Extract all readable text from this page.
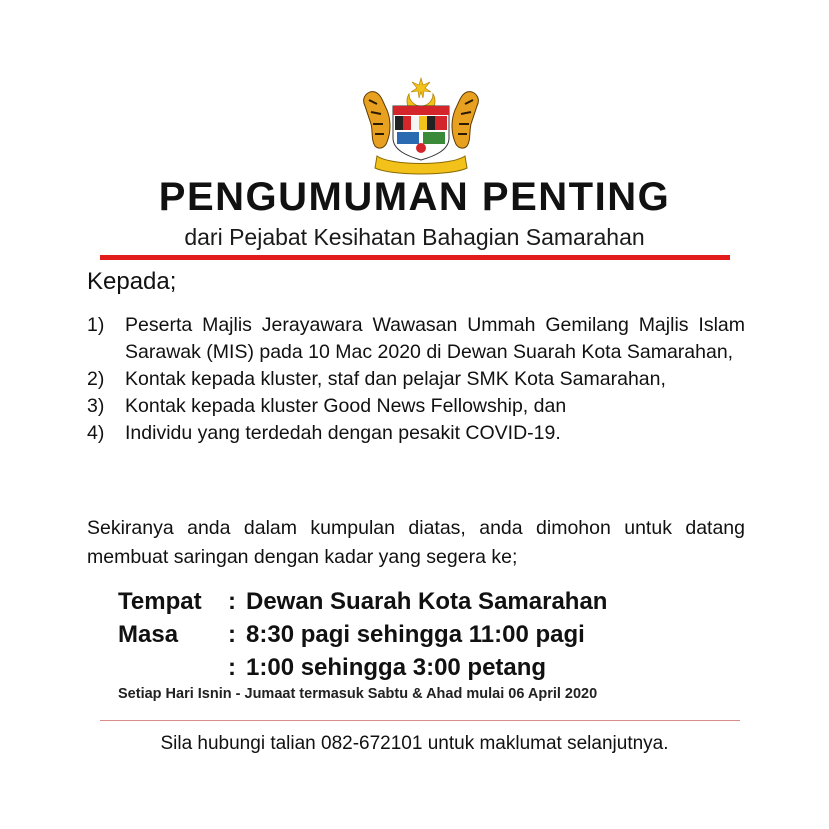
PENGUMUMAN PENTING
dari Pejabat Kesihatan Bahagian Samarahan
Kepada;
1)	Peserta Majlis Jerayawara Wawasan Ummah Gemilang Majlis Islam Sarawak (MIS) pada 10 Mac 2020 di Dewan Suarah Kota Samarahan,
2)	Kontak kepada kluster, staf dan pelajar SMK Kota Samarahan,
3)	Kontak kepada kluster Good News Fellowship, dan
4)	Individu yang terdedah dengan pesakit COVID-19.
Sekiranya anda dalam kumpulan diatas, anda dimohon untuk datang membuat saringan dengan kadar yang segera ke;
Tempat	: Dewan Suarah Kota Samarahan
Masa	: 8:30 pagi sehingga 11:00 pagi
: 1:00 sehingga 3:00 petang
Setiap Hari Isnin - Jumaat termasuk Sabtu & Ahad mulai 06 April 2020
Sila hubungi talian 082-672101 untuk maklumat selanjutnya.
